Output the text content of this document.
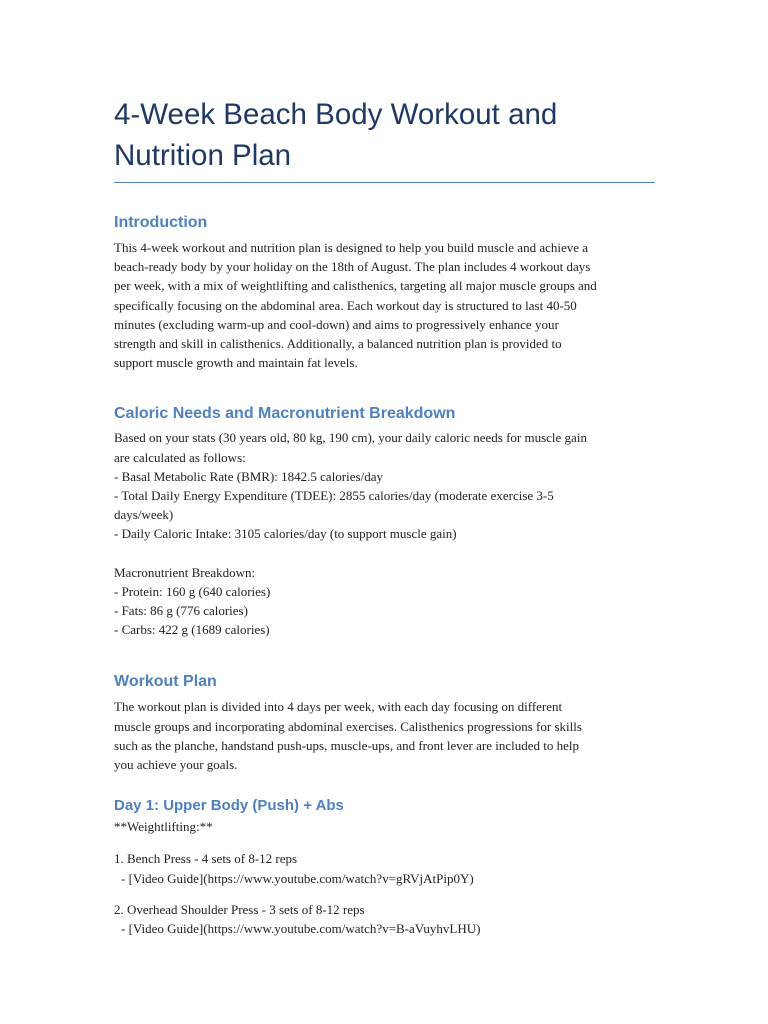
4-Week Beach Body Workout and
Nutrition Plan
Introduction

This 4-week workout and nutrition plan is designed to help you build muscle and achieve a
beach-ready body by your holiday on the 18th of August. The plan includes 4 workout days
per week, with a mix of weightlifting and calisthenics, targeting all major muscle groups and
specifically focusing on the abdominal area. Each workout day is structured to last 40-50
minutes (excluding warm-up and cool-down) and aims to progressively enhance your
strength and skill in calisthenics. Additionally, a balanced nutrition plan is provided to
support muscle growth and maintain fat levels.

Caloric Needs and Macronutrient Breakdown

Based on your stats (30 years old, 80 kg, 190 cm), your daily caloric needs for muscle gain
are calculated as follows:
- Basal Metabolic Rate (BMR): 1842.5 calories/day
- Total Daily Energy Expenditure (TDEE): 2855 calories/day (moderate exercise 3-5
days/week)
- Daily Caloric Intake: 3105 calories/day (to support muscle gain)

Macronutrient Breakdown:
- Protein: 160 g (640 calories)
- Fats: 86 g (776 calories)
- Carbs: 422 g (1689 calories)

Workout Plan

The workout plan is divided into 4 days per week, with each day focusing on different
muscle groups and incorporating abdominal exercises. Calisthenics progressions for skills
such as the planche, handstand push-ups, muscle-ups, and front lever are included to help
you achieve your goals.

Day 1: Upper Body (Push) + Abs

**Weightlifting:**

1. Bench Press - 4 sets of 8-12 reps
- [Video Guide](https://www.youtube.com/watch?v=gRVjAtPip0Y)

2. Overhead Shoulder Press - 3 sets of 8-12 reps
- [Video Guide](https://www.youtube.com/watch?v=B-aVuyhvLHU)
